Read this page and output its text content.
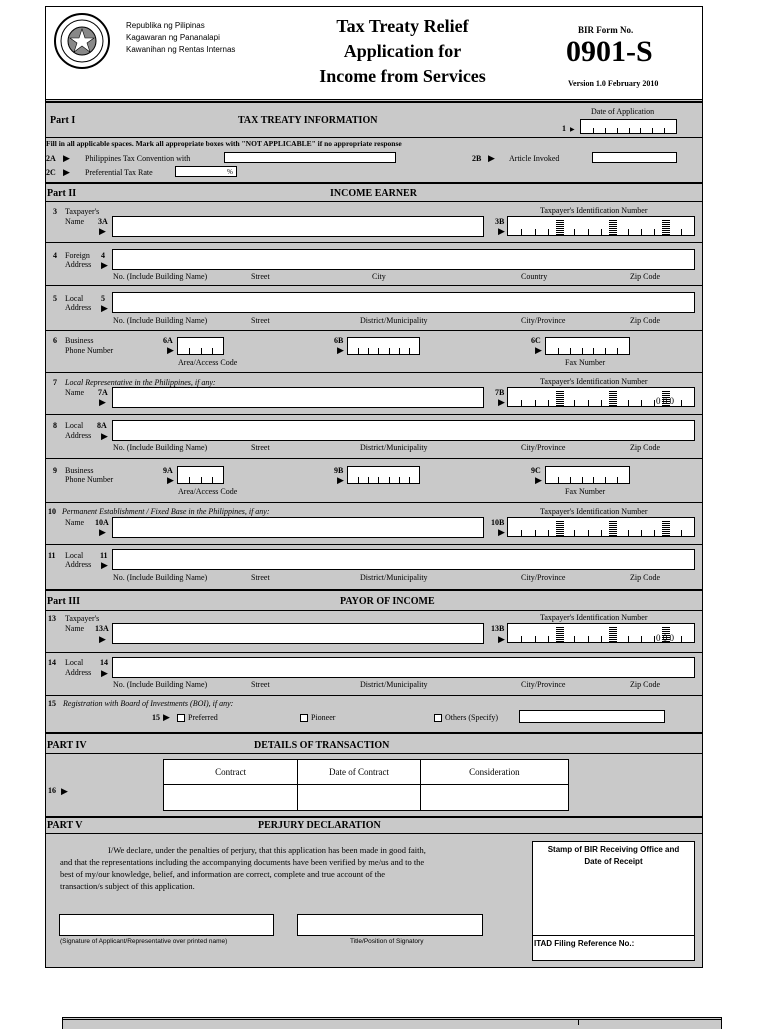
Republika ng Pilipinas
Kagawaran ng Pananalapi
Kawanihan ng Rentas Internas
Tax Treaty Relief
Application for
Income from Services
BIR Form No.
0901-S
Version 1.0 February 2010
Part I	TAX TREATY INFORMATION
Date of Application
1 ▶
Fill in all applicable spaces. Mark all appropriate boxes with "NOT APPLICABLE" if no appropriate response
2A ▶ Philippines Tax Convention with	2B ▶ Article Invoked
2C ▶ Preferential Tax Rate	%
Part II	INCOME EARNER
3 Taxpayer's
Name 3A
▶
Taxpayer's Identification Number
3B
▶
4 Foreign
Address
4
▶
No. (Include Building Name)	Street	City	Country	Zip Code
5 Local
Address
5
▶
No. (Include Building Name)	Street	District/Municipality	City/Province	Zip Code
6 Business
Phone Number
6A
▶
Area/Access Code
6B
▶
6C
▶
Fax Number
7 Local Representative in the Philippines, if any:
Name 7A
▶
Taxpayer's Identification Number
7B
▶	0 0 0
8 Local
Address
8A
▶
No. (Include Building Name)	Street	District/Municipality	City/Province	Zip Code
9 Business
Phone Number
9A
▶
Area/Access Code
9B
▶
9C
▶
Fax Number
10 Permanent Establishment / Fixed Base in the Philippines, if any:
Name 10A
▶
Taxpayer's Identification Number
10B
▶
11 Local
Address
11
▶
No. (Include Building Name)	Street	District/Municipality	City/Province	Zip Code
Part III	PAYOR OF INCOME
13 Taxpayer's
Name 13A
▶
Taxpayer's Identification Number
13B
▶	0 0 0
14 Local
Address
14
▶
No. (Include Building Name)	Street	District/Municipality	City/Province	Zip Code
15 Registration with Board of Investments (BOI), if any:
15 ▶ Preferred	Pioneer	Others (Specify)
PART IV	DETAILS OF TRANSACTION
16 ▶
Contract	Date of Contract	Consideration

PART V	PERJURY DECLARATION
I/We declare, under the penalties of perjury, that this application has been made in good faith,
and that the representations including the accompanying documents have been verified by me/us and to the
best of my/our knowledge, belief, and information are correct, complete and true account of the
transaction/s subject of this application.
Stamp of BIR Receiving Office and
Date of Receipt
ITAD Filing Reference No.:
(Signature of Applicant/Representative over printed name)	Title/Position of Signatory
